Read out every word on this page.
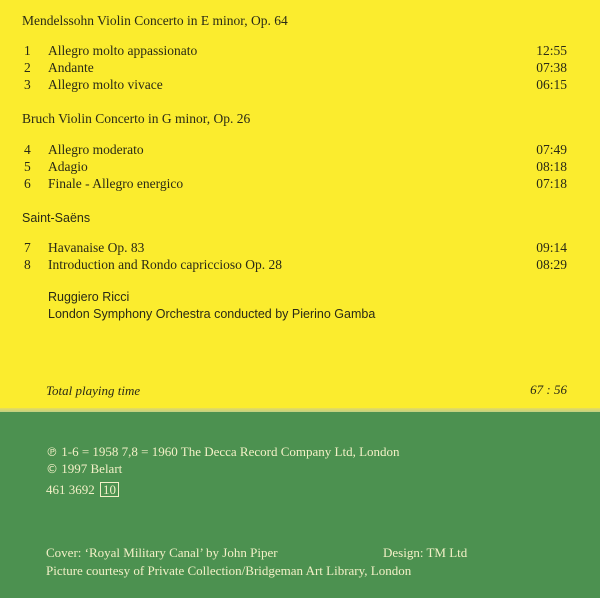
Mendelssohn Violin Concerto in E minor, Op. 64
1	Allegro molto appassionato	12:55
2	Andante	07:38
3	Allegro molto vivace	06:15
Bruch Violin Concerto in G minor, Op. 26
4	Allegro moderato	07:49
5	Adagio	08:18
6	Finale - Allegro energico	07:18
Saint-Saëns
7	Havanaise Op. 83	09:14
8	Introduction and Rondo capriccioso Op. 28	08:29
Ruggiero Ricci
London Symphony Orchestra conducted by Pierino Gamba
Total playing time	67 : 56
℗ 1-6 = 1958 7,8 = 1960 The Decca Record Company Ltd, London
© 1997 Belart
461 3692 10
Cover: ‘Royal Military Canal’ by John Piper	Design: TM Ltd
Picture courtesy of Private Collection/Bridgeman Art Library, London
